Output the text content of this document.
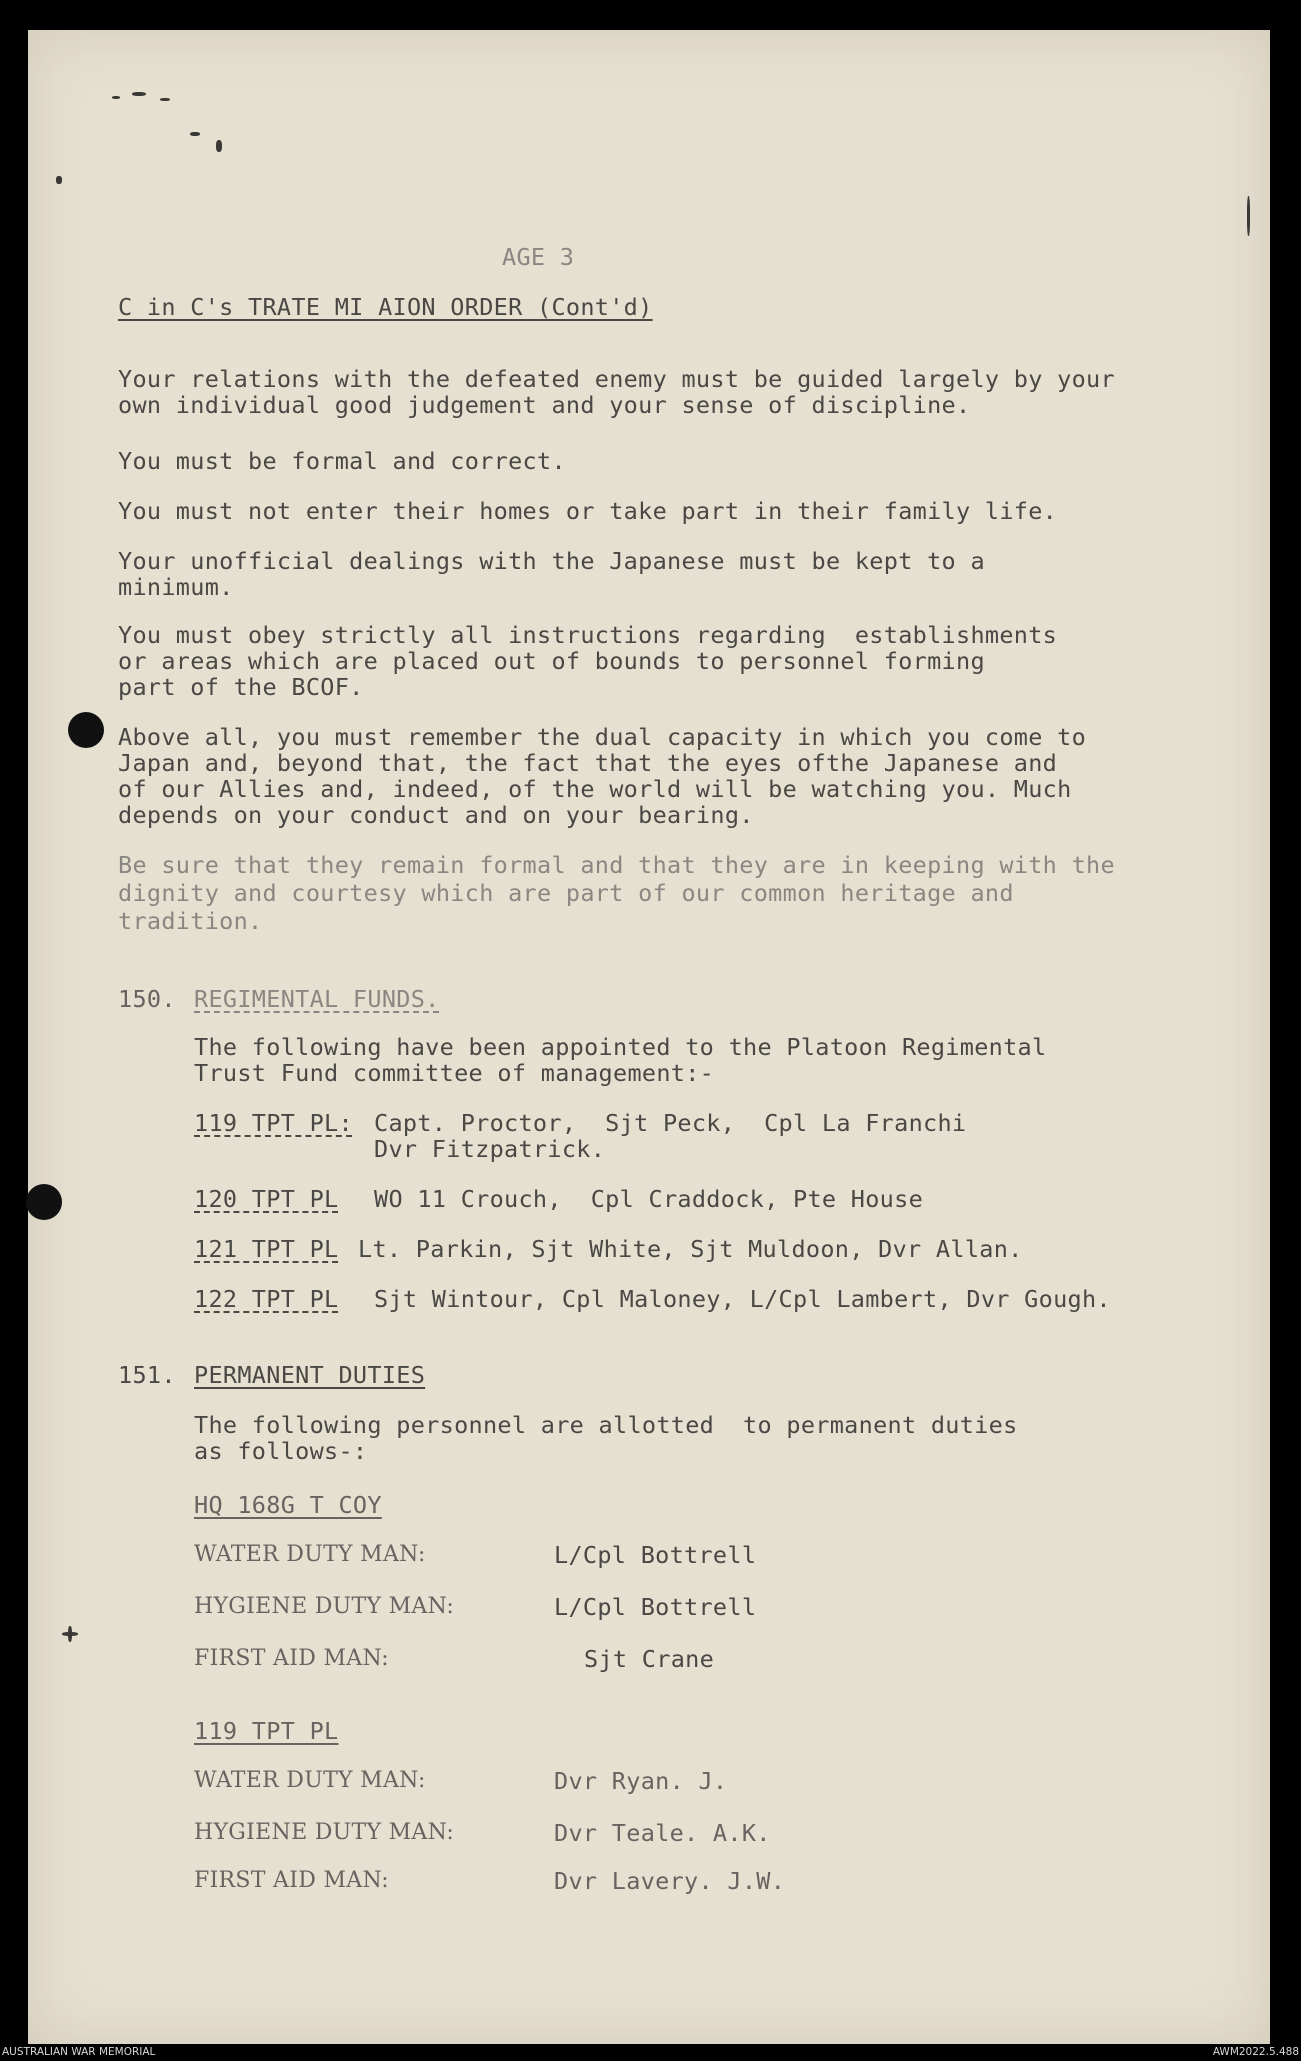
AGE 3
C in C's TRATE MI AION ORDER (Cont'd)
Your relations with the defeated enemy must be guided largely by your
own individual good judgement and your sense of discipline.
You must be formal and correct.
You must not enter their homes or take part in their family life.
Your unofficial dealings with the Japanese must be kept to a
minimum.
You must obey strictly all instructions regarding  establishments
or areas which are placed out of bounds to personnel forming
part of the BCOF.
Above all, you must remember the dual capacity in which you come to
Japan and, beyond that, the fact that the eyes ofthe Japanese and
of our Allies and, indeed, of the world will be watching you. Much
depends on your conduct and on your bearing.
Be sure that they remain formal and that they are in keeping with the
dignity and courtesy which are part of our common heritage and
tradition.
150. REGIMENTAL FUNDS.
The following have been appointed to the Platoon Regimental
Trust Fund committee of management:-
119 TPT PL: Capt. Proctor,  Sjt Peck,  Cpl La Franchi
Dvr Fitzpatrick.
120 TPT PL WO 11 Crouch,  Cpl Craddock, Pte House
121 TPT PL Lt. Parkin, Sjt White, Sjt Muldoon, Dvr Allan.
122 TPT PL Sjt Wintour, Cpl Maloney, L/Cpl Lambert, Dvr Gough.
151. PERMANENT DUTIES
The following personnel are allotted  to permanent duties
as follows-:
HQ 168G T COY
WATER DUTY MAN:	L/Cpl Bottrell
HYGIENE DUTY MAN:	L/Cpl Bottrell
FIRST AID MAN:	Sjt Crane
119 TPT PL
WATER DUTY MAN:	Dvr Ryan. J.
HYGIENE DUTY MAN:	Dvr Teale. A.K.
FIRST AID MAN:	Dvr Lavery. J.W.
AUSTRALIAN WAR MEMORIAL	AWM2022.5.488
